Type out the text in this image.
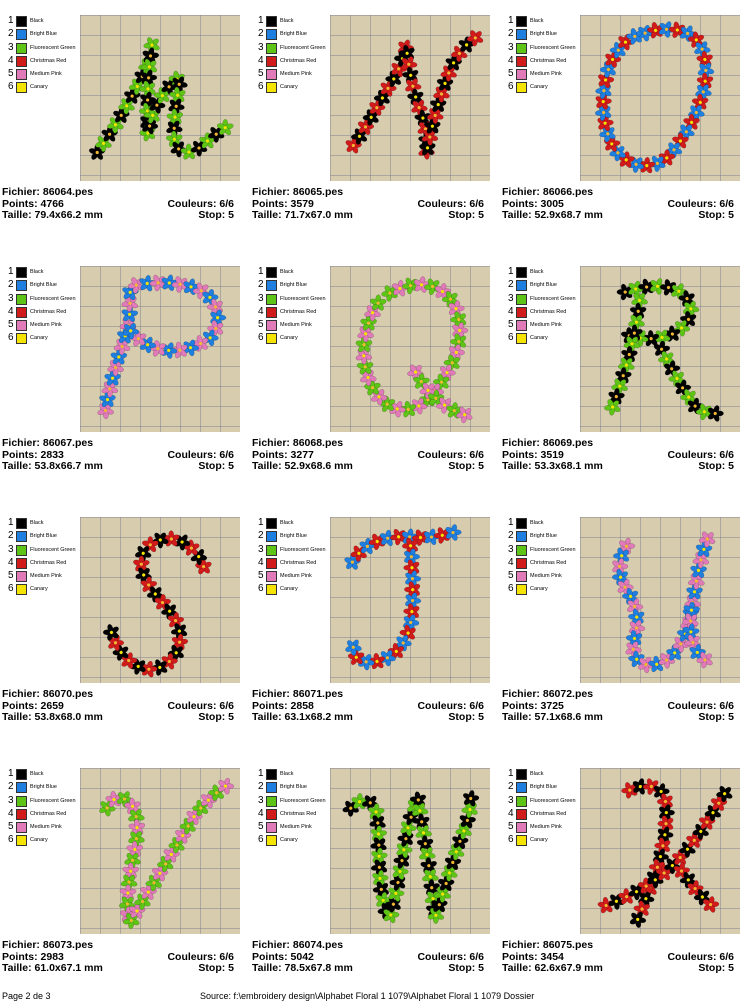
1	Black
2	Bright Blue
3	Fluorescent Green
4	Christmas Red
5	Medium Pink
6	Canary
Fichier: 86064.pes
Points: 4766	Couleurs: 6/6
Taille: 79.4x66.2 mm	Stop: 5
1	Black
2	Bright Blue
3	Fluorescent Green
4	Christmas Red
5	Medium Pink
6	Canary
Fichier: 86065.pes
Points: 3579	Couleurs: 6/6
Taille: 71.7x67.0 mm	Stop: 5
1	Black
2	Bright Blue
3	Fluorescent Green
4	Christmas Red
5	Medium Pink
6	Canary
Fichier: 86066.pes
Points: 3005	Couleurs: 6/6
Taille: 52.9x68.7 mm	Stop: 5
1	Black
2	Bright Blue
3	Fluorescent Green
4	Christmas Red
5	Medium Pink
6	Canary
Fichier: 86067.pes
Points: 2833	Couleurs: 6/6
Taille: 53.8x66.7 mm	Stop: 5
1	Black
2	Bright Blue
3	Fluorescent Green
4	Christmas Red
5	Medium Pink
6	Canary
Fichier: 86068.pes
Points: 3277	Couleurs: 6/6
Taille: 52.9x68.6 mm	Stop: 5
1	Black
2	Bright Blue
3	Fluorescent Green
4	Christmas Red
5	Medium Pink
6	Canary
Fichier: 86069.pes
Points: 3519	Couleurs: 6/6
Taille: 53.3x68.1 mm	Stop: 5
1	Black
2	Bright Blue
3	Fluorescent Green
4	Christmas Red
5	Medium Pink
6	Canary
Fichier: 86070.pes
Points: 2659	Couleurs: 6/6
Taille: 53.8x68.0 mm	Stop: 5
1	Black
2	Bright Blue
3	Fluorescent Green
4	Christmas Red
5	Medium Pink
6	Canary
Fichier: 86071.pes
Points: 2858	Couleurs: 6/6
Taille: 63.1x68.2 mm	Stop: 5
1	Black
2	Bright Blue
3	Fluorescent Green
4	Christmas Red
5	Medium Pink
6	Canary
Fichier: 86072.pes
Points: 3725	Couleurs: 6/6
Taille: 57.1x68.6 mm	Stop: 5
1	Black
2	Bright Blue
3	Fluorescent Green
4	Christmas Red
5	Medium Pink
6	Canary
Fichier: 86073.pes
Points: 2983	Couleurs: 6/6
Taille: 61.0x67.1 mm	Stop: 5
1	Black
2	Bright Blue
3	Fluorescent Green
4	Christmas Red
5	Medium Pink
6	Canary
Fichier: 86074.pes
Points: 5042	Couleurs: 6/6
Taille: 78.5x67.8 mm	Stop: 5
1	Black
2	Bright Blue
3	Fluorescent Green
4	Christmas Red
5	Medium Pink
6	Canary
Fichier: 86075.pes
Points: 3454	Couleurs: 6/6
Taille: 62.6x67.9 mm	Stop: 5
Page 2 de 3	Source: f:\embroidery design\Alphabet Floral 1 1079\Alphabet Floral 1 1079 Dossier
